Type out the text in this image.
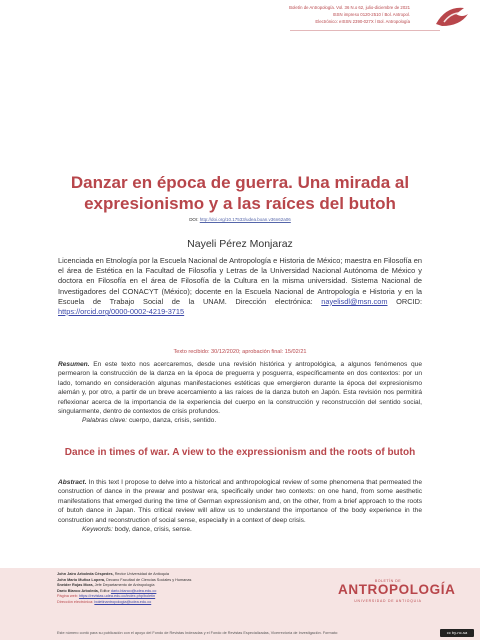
Boletín de Antropología. Vol. 36 N.o 62, julio-diciembre de 2021
ISSN impreso 0120-2510 / Bol. Antropol.
Electrónico: eISSN 2390-027X / Bol. Antropología
Danzar en época de guerra. Una mirada al expresionismo y a las raíces del butoh
DOI: http://doi.org/10.17533/udea.boan.v36n62a06
Nayeli Pérez Monjaraz
Licenciada en Etnología por la Escuela Nacional de Antropología e Historia de México; maestra en Filosofía en el área de Estética en la Facultad de Filosofía y Letras de la Universidad Nacional Autónoma de México y doctora en Filosofía en el área de Filosofía de la Cultura en la misma universidad. Sistema Nacional de Investigadores del CONACYT (México); docente en la Escuela Nacional de Antropología e Historia y en la Escuela de Trabajo Social de la UNAM. Dirección electrónica: nayelisdl@msn.com ORCID: https://orcid.org/0000-0002-4219-3715
Texto recibido: 30/12/2020; aprobación final: 15/02/21
Resumen. En este texto nos acercaremos, desde una revisión histórica y antropológica, a algunos fenómenos que permearon la construcción de la danza en la época de preguerra y posguerra, específicamente en dos contextos: por un lado, tomando en consideración algunas manifestaciones estéticas que emergieron durante la época del expresionismo alemán y, por otro, a partir de un breve acercamiento a las raíces de la danza butoh en Japón. Esta revisión nos permitirá reflexionar acerca de la importancia de la experiencia del cuerpo en la construcción y reconstrucción del sentido social, singularmente, dentro de contextos de crisis profundos.
Palabras clave: cuerpo, danza, crisis, sentido.
Dance in times of war. A view to the expressionism and the roots of butoh
Abstract. In this text I propose to delve into a historical and anthropological review of some phenomena that permeated the construction of dance in the prewar and postwar era, specifically under two contexts: on one hand, from some aesthetic manifestations that emerged during the time of German expressionism and, on the other, from a brief approach to the roots of butoh dance in Japan. This critical review will allow us to understand the importance of the body experience in the construction and reconstruction of social sense, especially in a context of deep crisis.
Keywords: body, dance, crisis, sense.
John Jairo Arboleda Céspedes, Rector Universidad de Antioquia
John Mario Muñoz Lopera, Decano Facultad de Ciencias Sociales y Humanas
Sneider Rojas Mora, Jefe Departamento de Antropología
Darío Blanco Arboleda, Editor dario.blanco@udea.edu.co
Página web: https://revistas.udea.edu.co/index.php/boletin
Dirección electrónica: boletinantropologia@udea.edu.co
BOLETÍN DE
ANTROPOLOGÍA
UNIVERSIDAD DE ANTIOQUIA
Este número contó para su publicación con el apoyo del Fondo de Revistas Indexadas y el Fondo de Revistas Especializadas, Vicerrectoría de Investigación. Formato:	cc by-nc-sa
